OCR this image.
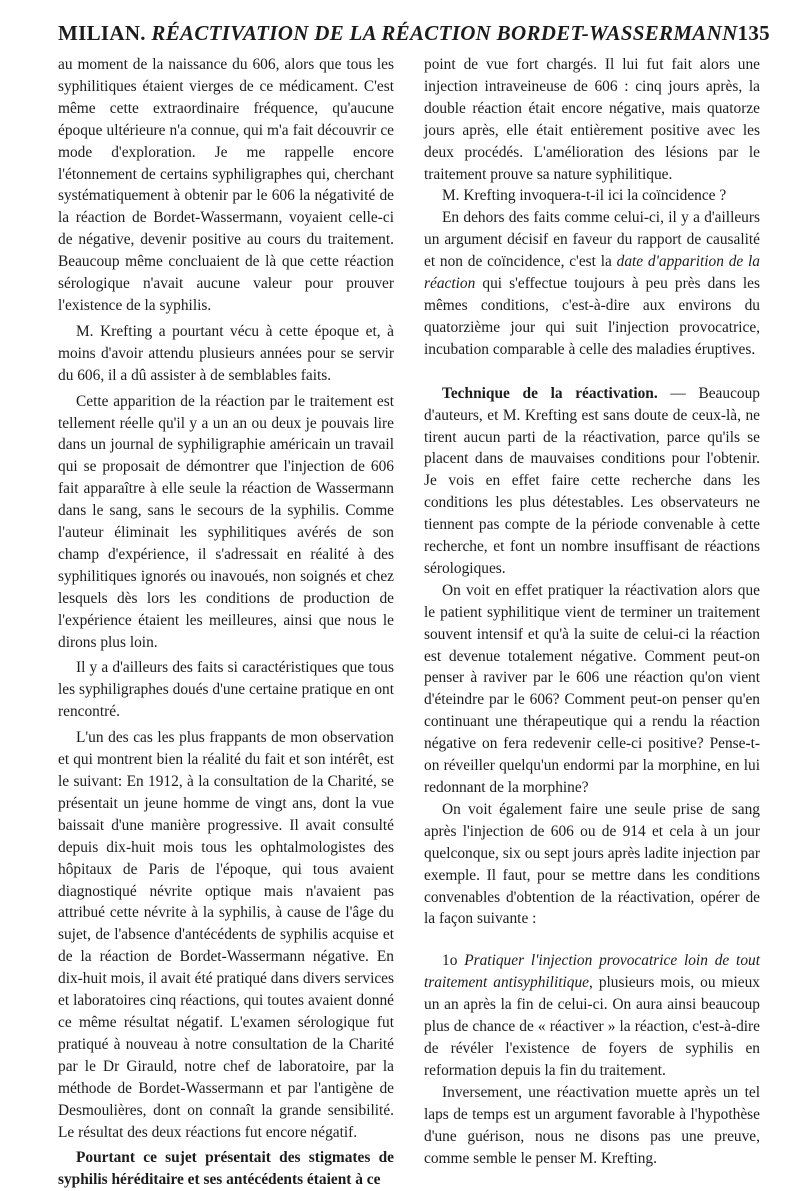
MILIAN. RÉACTIVATION DE LA RÉACTION BORDET-WASSERMANN 135

au moment de la naissance du 606, alors que tous les syphilitiques étaient vierges de ce médicament. C'est même cette extraordinaire fréquence, qu'aucune époque ultérieure n'a connue, qui m'a fait découvrir ce mode d'exploration. Je me rappelle encore l'étonnement de certains syphiligraphes qui, cherchant systématiquement à obtenir par le 606 la négativité de la réaction de Bordet-Wassermann, voyaient celle-ci de négative, devenir positive au cours du traitement. Beaucoup même concluaient de là que cette réaction sérologique n'avait aucune valeur pour prouver l'existence de la syphilis.

M. Krefting a pourtant vécu à cette époque et, à moins d'avoir attendu plusieurs années pour se servir du 606, il a dû assister à de semblables faits.

Cette apparition de la réaction par le traitement est tellement réelle qu'il y a un an ou deux je pouvais lire dans un journal de syphiligraphie américain un travail qui se proposait de démontrer que l'injection de 606 fait apparaître à elle seule la réaction de Wassermann dans le sang, sans le secours de la syphilis. Comme l'auteur éliminait les syphilitiques avérés de son champ d'expérience, il s'adressait en réalité à des syphilitiques ignorés ou inavoués, non soignés et chez lesquels dès lors les conditions de production de l'expérience étaient les meilleures, ainsi que nous le dirons plus loin.

Il y a d'ailleurs des faits si caractéristiques que tous les syphiligraphes doués d'une certaine pratique en ont rencontré.

L'un des cas les plus frappants de mon observation et qui montrent bien la réalité du fait et son intérêt, est le suivant: En 1912, à la consultation de la Charité, se présentait un jeune homme de vingt ans, dont la vue baissait d'une manière progressive. Il avait consulté depuis dix-huit mois tous les ophtalmologistes des hôpitaux de Paris de l'époque, qui tous avaient diagnostiqué névrite optique mais n'avaient pas attribué cette névrite à la syphilis, à cause de l'âge du sujet, de l'absence d'antécédents de syphilis acquise et de la réaction de Bordet-Wassermann négative. En dix-huit mois, il avait été pratiqué dans divers services et laboratoires cinq réactions, qui toutes avaient donné ce même résultat négatif. L'examen sérologique fut pratiqué à nouveau à notre consultation de la Charité par le Dr Girauld, notre chef de laboratoire, par la méthode de Bordet-Wassermann et par l'antigène de Desmoulières, dont on connaît la grande sensibilité. Le résultat des deux réactions fut encore négatif.

Pourtant ce sujet présentait des stigmates de syphilis héréditaire et ses antécédents étaient à ce

point de vue fort chargés. Il lui fut fait alors une injection intraveineuse de 606 : cinq jours après, la double réaction était encore négative, mais quatorze jours après, elle était entièrement positive avec les deux procédés. L'amélioration des lésions par le traitement prouve sa nature syphilitique.

M. Krefting invoquera-t-il ici la coïncidence ?

En dehors des faits comme celui-ci, il y a d'ailleurs un argument décisif en faveur du rapport de causalité et non de coïncidence, c'est la date d'apparition de la réaction qui s'effectue toujours à peu près dans les mêmes conditions, c'est-à-dire aux environs du quatorzième jour qui suit l'injection provocatrice, incubation comparable à celle des maladies éruptives.

Technique de la réactivation. — Beaucoup d'auteurs, et M. Krefting est sans doute de ceux-là, ne tirent aucun parti de la réactivation, parce qu'ils se placent dans de mauvaises conditions pour l'obtenir. Je vois en effet faire cette recherche dans les conditions les plus détestables. Les observateurs ne tiennent pas compte de la période convenable à cette recherche, et font un nombre insuffisant de réactions sérologiques.

On voit en effet pratiquer la réactivation alors que le patient syphilitique vient de terminer un traitement souvent intensif et qu'à la suite de celui-ci la réaction est devenue totalement négative. Comment peut-on penser à raviver par le 606 une réaction qu'on vient d'éteindre par le 606? Comment peut-on penser qu'en continuant une thérapeutique qui a rendu la réaction négative on fera redevenir celle-ci positive? Pense-t-on réveiller quelqu'un endormi par la morphine, en lui redonnant de la morphine?

On voit également faire une seule prise de sang après l'injection de 606 ou de 914 et cela à un jour quelconque, six ou sept jours après ladite injection par exemple. Il faut, pour se mettre dans les conditions convenables d'obtention de la réactivation, opérer de la façon suivante :

1o Pratiquer l'injection provocatrice loin de tout traitement antisyphilitique, plusieurs mois, ou mieux un an après la fin de celui-ci. On aura ainsi beaucoup plus de chance de « réactiver » la réaction, c'est-à-dire de révéler l'existence de foyers de syphilis en reformation depuis la fin du traitement.

Inversement, une réactivation muette après un tel laps de temps est un argument favorable à l'hypothèse d'une guérison, nous ne disons pas une preuve, comme semble le penser M. Krefting.
